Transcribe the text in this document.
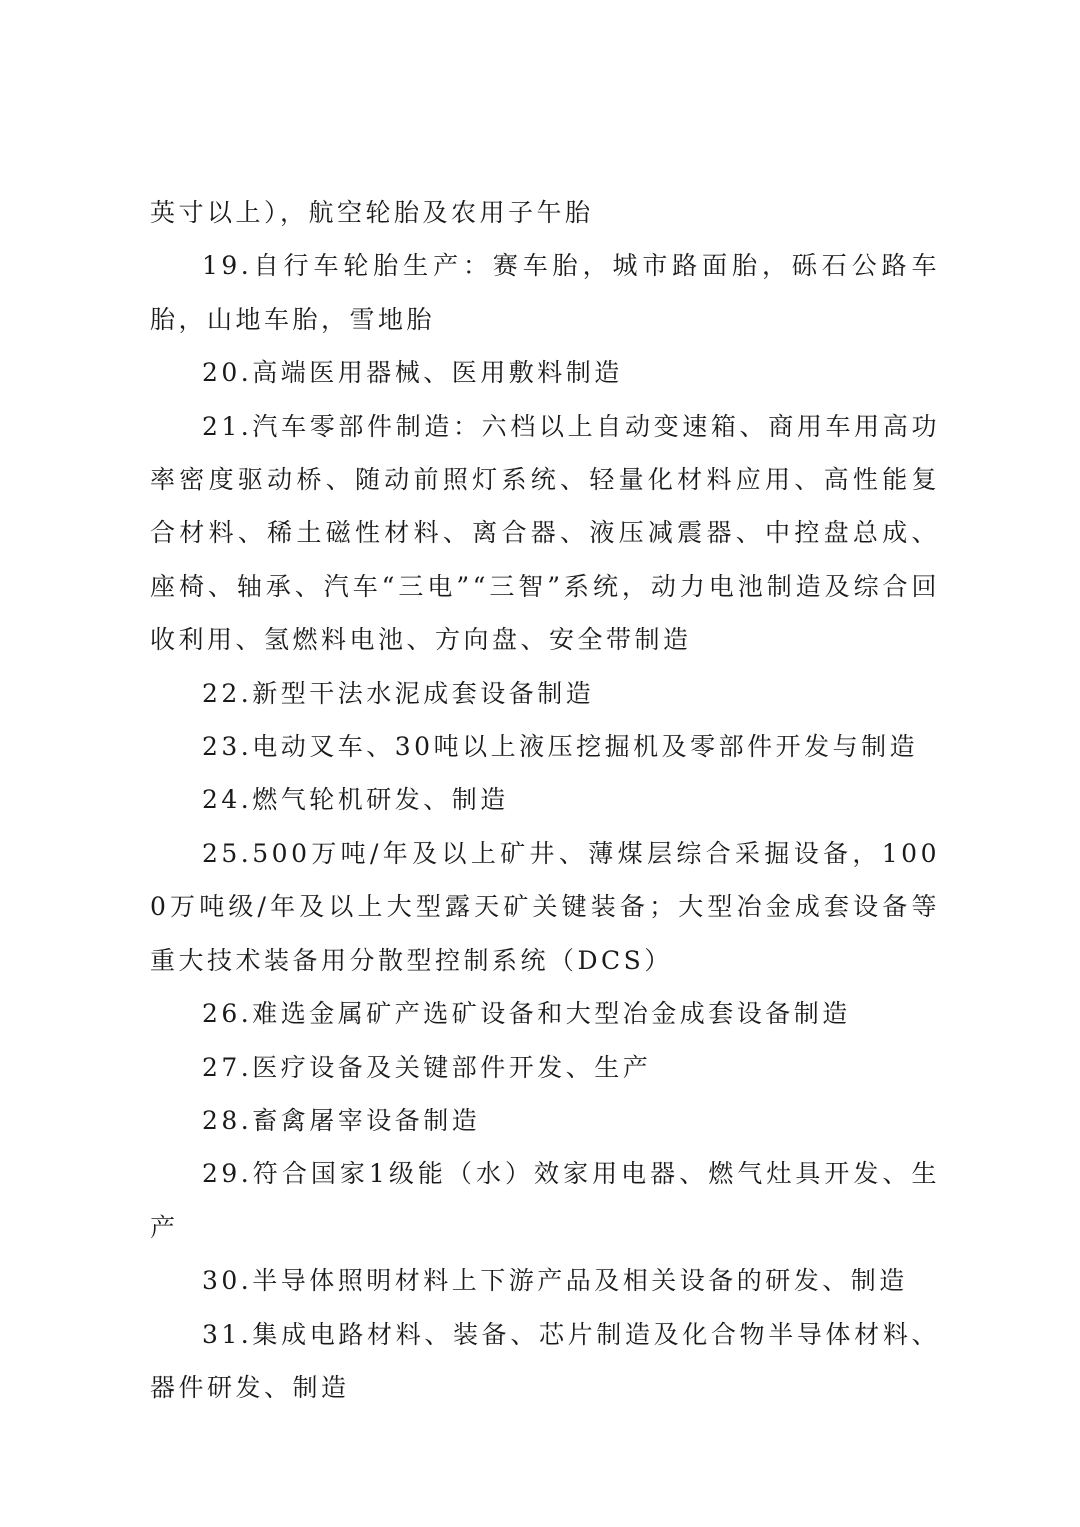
英寸以上），航空轮胎及农用子午胎

19.自行车轮胎生产：赛车胎，城市路面胎，砾石公路车胎，山地车胎，雪地胎

20.高端医用器械、医用敷料制造

21.汽车零部件制造：六档以上自动变速箱、商用车用高功率密度驱动桥、随动前照灯系统、轻量化材料应用、高性能复合材料、稀土磁性材料、离合器、液压减震器、中控盘总成、座椅、轴承、汽车“三电”“三智”系统，动力电池制造及综合回收利用、氢燃料电池、方向盘、安全带制造

22.新型干法水泥成套设备制造

23.电动叉车、30吨以上液压挖掘机及零部件开发与制造

24.燃气轮机研发、制造

25.500万吨/年及以上矿井、薄煤层综合采掘设备，1000万吨级/年及以上大型露天矿关键装备；大型冶金成套设备等重大技术装备用分散型控制系统（DCS）

26.难选金属矿产选矿设备和大型冶金成套设备制造

27.医疗设备及关键部件开发、生产

28.畜禽屠宰设备制造

29.符合国家1级能（水）效家用电器、燃气灶具开发、生产

30.半导体照明材料上下游产品及相关设备的研发、制造

31.集成电路材料、装备、芯片制造及化合物半导体材料、器件研发、制造
